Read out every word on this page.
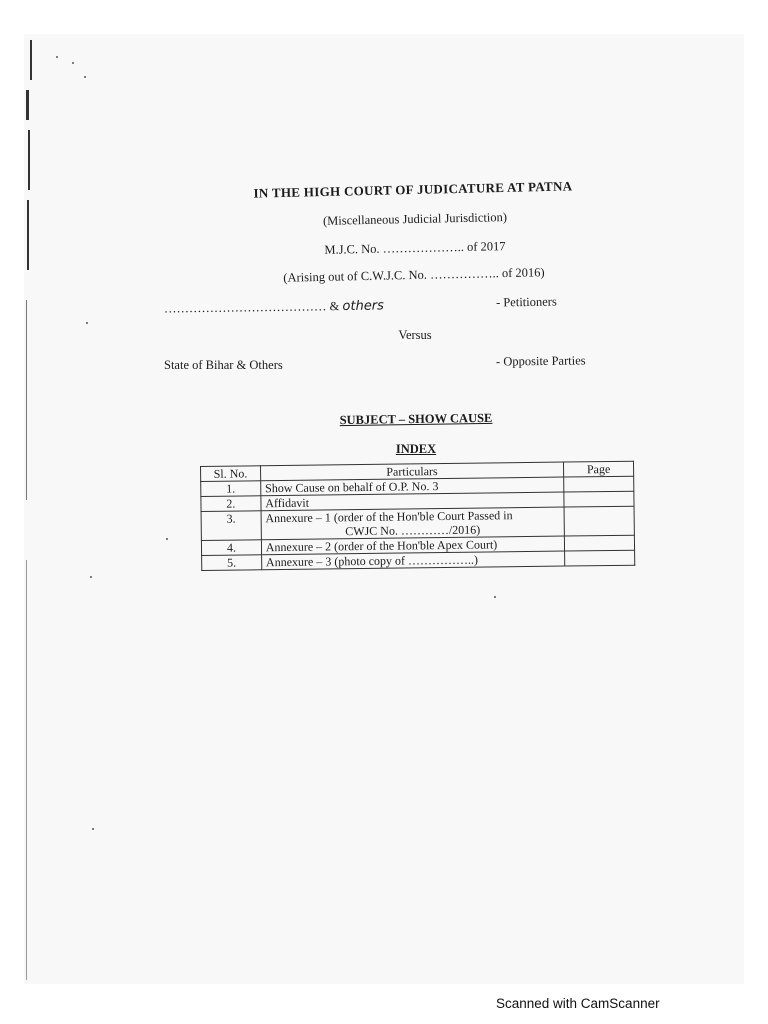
IN THE HIGH COURT OF JUDICATURE AT PATNA
(Miscellaneous Judicial Jurisdiction)
M.J.C. No. ……………….. of 2017
(Arising out of C.W.J.C. No. …………….. of 2016)
………………………………… & others	- Petitioners
Versus
State of Bihar & Others	- Opposite Parties
SUBJECT – SHOW CAUSE
INDEX
Sl. No.	Particulars	Page
1.	Show Cause on behalf of O.P. No. 3	
2.	Affidavit	
3.	Annexure – 1 (order of the Hon'ble Court Passed in
CWJC No. …………/2016)	

4.	Annexure – 2 (order of the Hon'ble Apex Court)	
5.	Annexure – 3 (photo copy of ……………..)	
Scanned with CamScanner
